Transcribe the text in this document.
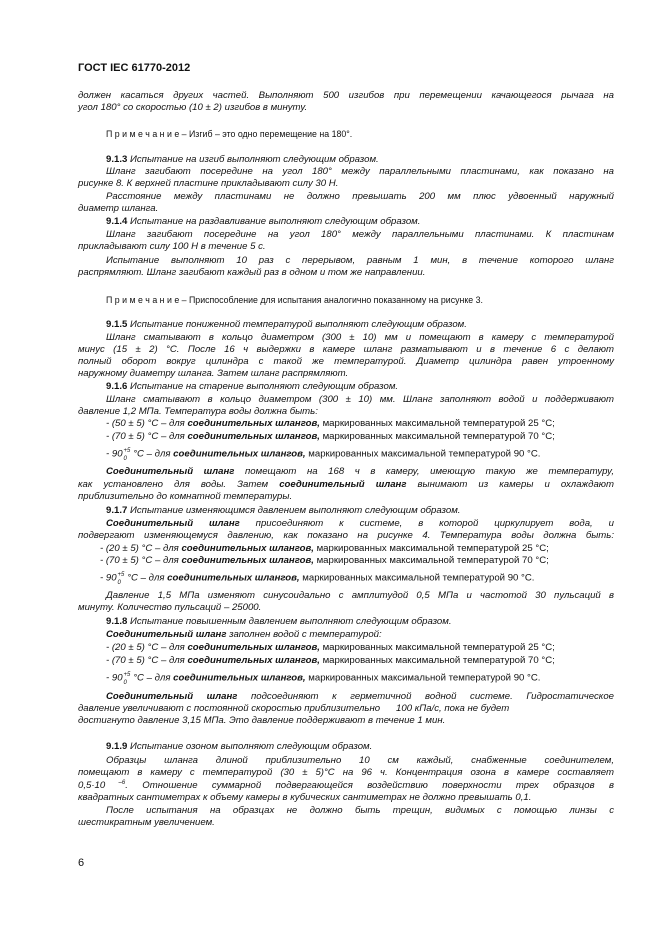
ГОСТ IEC 61770-2012
должен касаться других частей. Выполняют 500 изгибов при перемещении качающегося рычага на
угол 180° со скоростью (10 ± 2) изгибов в минуту.
П р и м е ч а н и е – Изгиб – это одно перемещение на 180°.
9.1.3 Испытание на изгиб выполняют следующим образом.
Шланг загибают посередине на угол 180° между параллельными пластинами, как показано на
рисунке 8. К верхней пластине прикладывают силу 30 Н.
Расстояние между пластинами не должно превышать 200 мм плюс удвоенный наружный
диаметр шланга.
9.1.4 Испытание на раздавливание выполняют следующим образом.
Шланг загибают посередине на угол 180° между параллельными пластинами. К пластинам
прикладывают силу 100 Н в течение 5 с.
Испытание выполняют 10 раз с перерывом, равным 1 мин, в течение которого шланг
распрямляют. Шланг загибают каждый раз в одном и том же направлении.
П р и м е ч а н и е – Приспособление для испытания аналогично показанному на рисунке 3.
9.1.5 Испытание пониженной температурой выполняют следующим образом.
Шланг сматывают в кольцо диаметром (300 ± 10) мм и помещают в камеру с температурой
минус (15 ± 2) °С. После 16 ч выдержки в камере шланг разматывают и в течение 6 с делают
полный оборот вокруг цилиндра с такой же температурой. Диаметр цилиндра равен утроенному
наружному диаметру шланга. Затем шланг распрямляют.
9.1.6 Испытание на старение выполняют следующим образом.
Шланг сматывают в кольцо диаметром (300 ± 10) мм. Шланг заполняют водой и поддерживают
давление 1,2 МПа. Температура воды должна быть:
- (50 ± 5) °С – для соединительных шлангов, маркированных максимальной температурой 25 °С;
- (70 ± 5) °С – для соединительных шлангов, маркированных максимальной температурой 70 °С;
- 90 +5
0 °С – для соединительных шлангов, маркированных максимальной температурой 90 °С.
Соединительный шланг помещают на 168 ч в камеру, имеющую такую же температуру,
как установлено для воды. Затем соединительный шланг вынимают из камеры и охлаждают
приблизительно до комнатной температуры.
9.1.7 Испытание изменяющимся давлением выполняют следующим образом.
Соединительный шланг присоединяют к системе, в которой циркулирует вода, и
подвергают изменяющемуся давлению, как показано на рисунке 4. Температура воды должна быть:
- (20 ± 5) °С – для соединительных шлангов, маркированных максимальной температурой 25 °С;
- (70 ± 5) °С – для соединительных шлангов, маркированных максимальной температурой 70 °С;
- 90 +5
0 °С – для соединительных шлангов, маркированных максимальной температурой 90 °С.
Давление 1,5 МПа изменяют синусоидально с амплитудой 0,5 МПа и частотой 30 пульсаций в
минуту. Количество пульсаций – 25000.
9.1.8 Испытание повышенным давлением выполняют следующим образом.
Соединительный шланг заполнен водой с температурой:
- (20 ± 5) °С – для соединительных шлангов, маркированных максимальной температурой 25 °С;
- (70 ± 5) °С – для соединительных шлангов, маркированных максимальной температурой 70 °С;
- 90 +5
0 °С – для соединительных шлангов, маркированных максимальной температурой 90 °С.
Соединительный шланг подсоединяют к герметичной водной системе. Гидростатическое
давление увеличивают с постоянной скоростью приблизительно      100 кПа/с, пока не будет
достигнуто давление 3,15 МПа. Это давление поддерживают в течение 1 мин.
9.1.9 Испытание озоном выполняют следующим образом.
Образцы шланга длиной приблизительно 10 см каждый, снабженные соединителем,
помещают в камеру с температурой (30 ± 5)°С на 96 ч. Концентрация озона в камере составляет
0,5·10 $^{-6}$. Отношение суммарной подвергающейся воздействию поверхности трех образцов в
квадратных сантиметрах к объему камеры в кубических сантиметрах не должно превышать 0,1.
После испытания на образцах не должно быть трещин, видимых с помощью линзы с
шестикратным увеличением.
6
